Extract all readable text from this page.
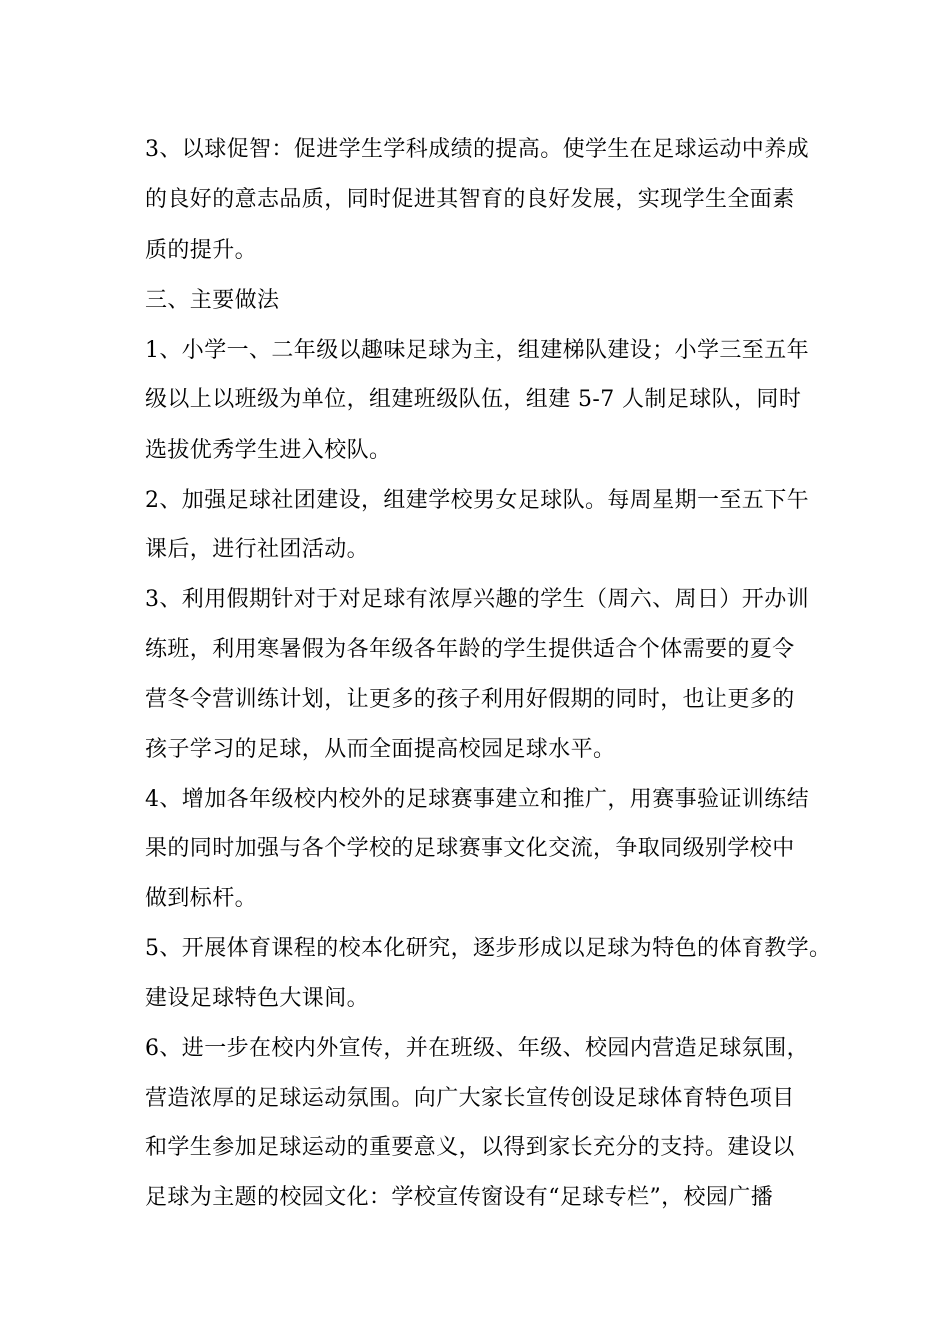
3、以球促智：促进学生学科成绩的提高。使学生在足球运动中养成
的良好的意志品质，同时促进其智育的良好发展，实现学生全面素
质的提升。
三、主要做法
1、小学一、二年级以趣味足球为主，组建梯队建设；小学三至五年
级以上以班级为单位，组建班级队伍，组建 5-7 人制足球队，同时
选拔优秀学生进入校队。
2、加强足球社团建设，组建学校男女足球队。每周星期一至五下午
课后，进行社团活动。
3、利用假期针对于对足球有浓厚兴趣的学生（周六、周日）开办训
练班，利用寒暑假为各年级各年龄的学生提供适合个体需要的夏令
营冬令营训练计划，让更多的孩子利用好假期的同时，也让更多的
孩子学习的足球，从而全面提高校园足球水平。
4、增加各年级校内校外的足球赛事建立和推广，用赛事验证训练结
果的同时加强与各个学校的足球赛事文化交流，争取同级别学校中
做到标杆。
5、开展体育课程的校本化研究，逐步形成以足球为特色的体育教学。
建设足球特色大课间。
6、进一步在校内外宣传，并在班级、年级、校园内营造足球氛围，
营造浓厚的足球运动氛围。向广大家长宣传创设足球体育特色项目
和学生参加足球运动的重要意义，以得到家长充分的支持。建设以
足球为主题的校园文化：学校宣传窗设有“足球专栏”，校园广播
